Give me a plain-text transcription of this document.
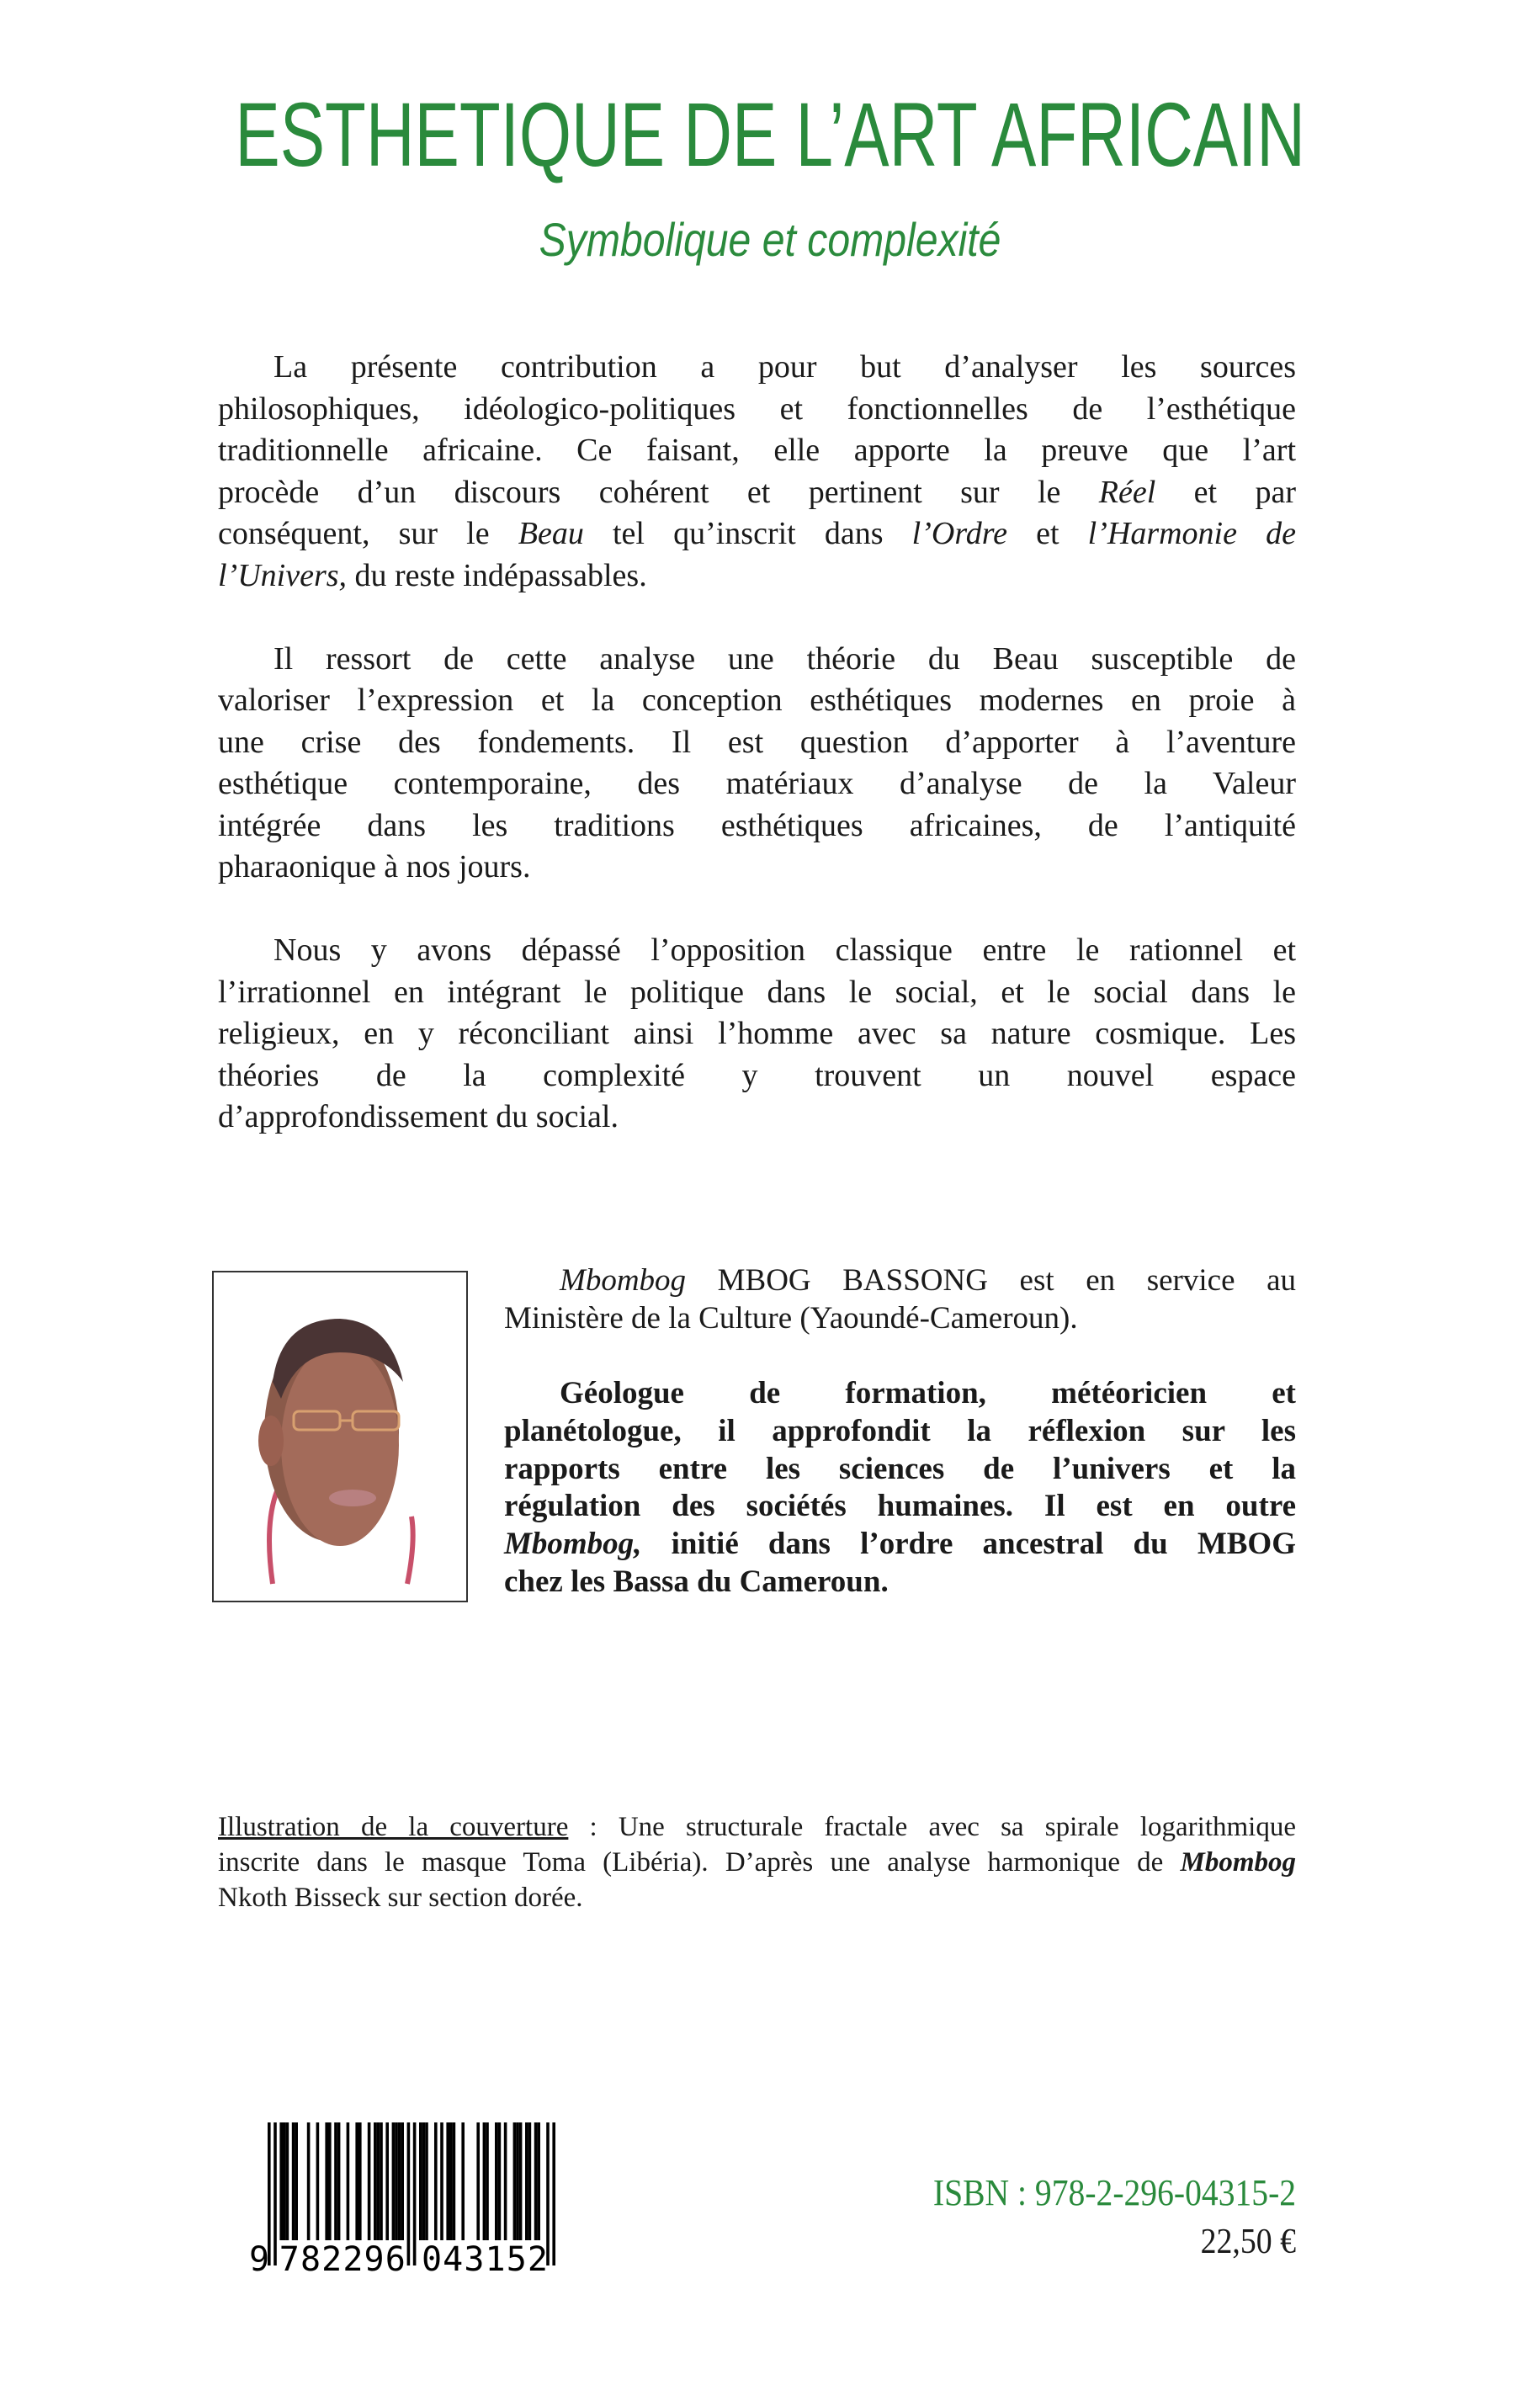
ESTHETIQUE DE L’ART AFRICAIN
Symbolique et complexité
La présente contribution a pour but d’analyser les sources
philosophiques, idéologico-politiques et fonctionnelles de l’esthétique
traditionnelle africaine. Ce faisant, elle apporte la preuve que l’art
procède d’un discours cohérent et pertinent sur le Réel et par
conséquent, sur le Beau tel qu’inscrit dans l’Ordre et l’Harmonie de
l’Univers, du reste indépassables.
Il ressort de cette analyse une théorie du Beau susceptible de
valoriser l’expression et la conception esthétiques modernes en proie à
une crise des fondements. Il est question d’apporter à l’aventure
esthétique contemporaine, des matériaux d’analyse de la Valeur
intégrée dans les traditions esthétiques africaines, de l’antiquité
pharaonique à nos jours.
Nous y avons dépassé l’opposition classique entre le rationnel et
l’irrationnel en intégrant le politique dans le social, et le social dans le
religieux, en y réconciliant ainsi l’homme avec sa nature cosmique. Les
théories de la complexité y trouvent un nouvel espace
d’approfondissement du social.
Mbombog MBOG BASSONG est en service au
Ministère de la Culture (Yaoundé-Cameroun).
Géologue de formation, météoricien et
planétologue, il approfondit la réflexion sur les
rapports entre les sciences de l’univers et la
régulation des sociétés humaines. Il est en outre
Mbombog, initié dans l’ordre ancestral du MBOG
chez les Bassa du Cameroun.
Illustration de la couverture : Une structurale fractale avec sa spirale logarithmique
inscrite dans le masque Toma (Libéria). D’après une analyse harmonique de Mbombog
Nkoth Bisseck sur section dorée.
9 782296 043152
ISBN : 978-2-296-04315-2
22,50 €
